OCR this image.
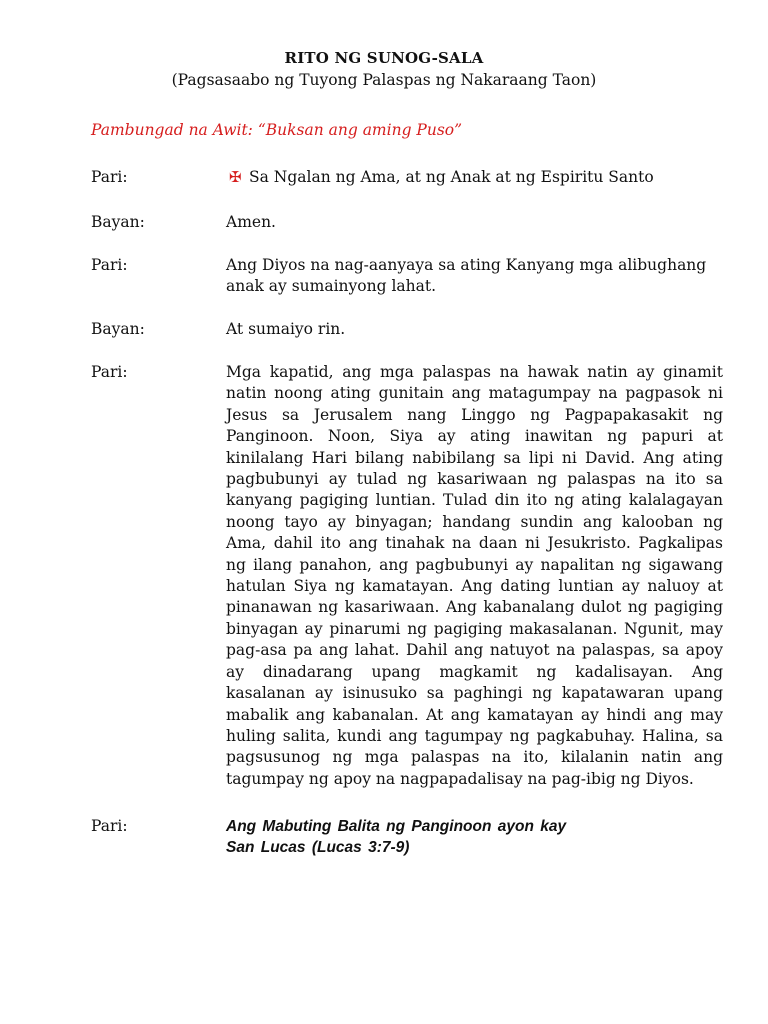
RITO NG SUNOG-SALA
(Pagsasaabo ng Tuyong Palaspas ng Nakaraang Taon)
Pambungad na Awit: “Buksan ang aming Puso”
Pari:	✠ Sa Ngalan ng Ama, at ng Anak at ng Espiritu Santo
Bayan:	Amen.
Pari:	Ang Diyos na nag-aanyaya sa ating Kanyang mga alibughang anak ay sumainyong lahat.
Bayan:	At sumaiyo rin.
Pari:	Mga kapatid, ang mga palaspas na hawak natin ay ginamit natin noong ating gunitain ang matagumpay na pagpasok ni Jesus sa Jerusalem nang Linggo ng Pagpapakasakit ng Panginoon. Noon, Siya ay ating inawitan ng papuri at kinilalang Hari bilang nabibilang sa lipi ni David. Ang ating pagbubunyi ay tulad ng kasariwaan ng palaspas na ito sa kanyang pagiging luntian. Tulad din ito ng ating kalalagayan noong tayo ay binyagan; handang sundin ang kalooban ng Ama, dahil ito ang tinahak na daan ni Jesukristo. Pagkalipas ng ilang panahon, ang pagbubunyi ay napalitan ng sigawang hatulan Siya ng kamatayan. Ang dating luntian ay naluoy at pinanawan ng kasariwaan. Ang kabanalang dulot ng pagiging binyagan ay pinarumi ng pagiging makasalanan. Ngunit, may pag-asa pa ang lahat. Dahil ang natuyot na palaspas, sa apoy ay dinadarang upang magkamit ng kadalisayan. Ang kasalanan ay isinusuko sa paghingi ng kapatawaran upang mabalik ang kabanalan. At ang kamatayan ay hindi ang may huling salita, kundi ang tagumpay ng pagkabuhay. Halina, sa pagsusunog ng mga palaspas na ito, kilalanin natin ang tagumpay ng apoy na nagpapadalisay na pag-ibig ng Diyos.
Pari:	Ang Mabuting Balita ng Panginoon ayon kay
San Lucas (Lucas 3:7-9)
